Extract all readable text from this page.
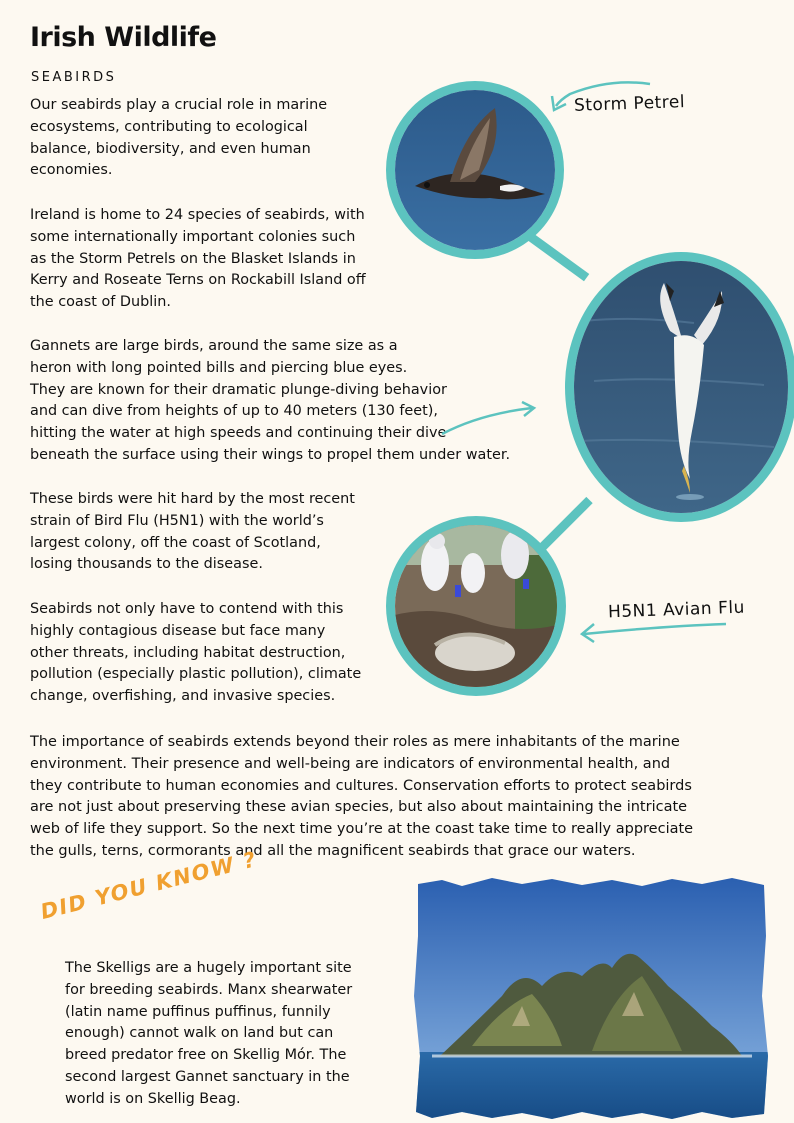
Irish Wildlife
SEABIRDS
Our seabirds play a crucial role in marine
ecosystems, contributing to ecological
balance, biodiversity, and even human
economies.
Ireland is home to 24 species of seabirds, with
some internationally important colonies such
as the Storm Petrels on the Blasket Islands in
Kerry and Roseate Terns on Rockabill Island off
the coast of Dublin.
Gannets are large birds, around the same size as a
heron with long pointed bills and piercing blue eyes.
They are known for their dramatic plunge-diving behavior
and can dive from heights of up to 40 meters (130 feet),
hitting the water at high speeds and continuing their dive
beneath the surface using their wings to propel them under water.
These birds were hit hard by the most recent
strain of Bird Flu (H5N1) with the world’s
largest colony, off the coast of Scotland,
losing thousands to the disease.
Seabirds not only have to contend with this
highly contagious disease but face many
other threats, including habitat destruction,
pollution (especially plastic pollution), climate
change, overfishing, and invasive species.
The importance of seabirds extends beyond their roles as mere inhabitants of the marine
environment. Their presence and well-being are indicators of environmental health, and
they contribute to human economies and cultures. Conservation efforts to protect seabirds
are not just about preserving these avian species, but also about maintaining the intricate
web of life they support. So the next time you’re at the coast take time to really appreciate
the gulls, terns, cormorants and all the magnificent seabirds that grace our waters.
Storm Petrel
H5N1 Avian Flu
DID YOU KNOW ?
The Skelligs are a hugely important site
for breeding seabirds. Manx shearwater
(latin name puffinus puffinus, funnily
enough) cannot walk on land but can
breed predator free on Skellig Mór. The
second largest Gannet sanctuary in the
world is on Skellig Beag.
